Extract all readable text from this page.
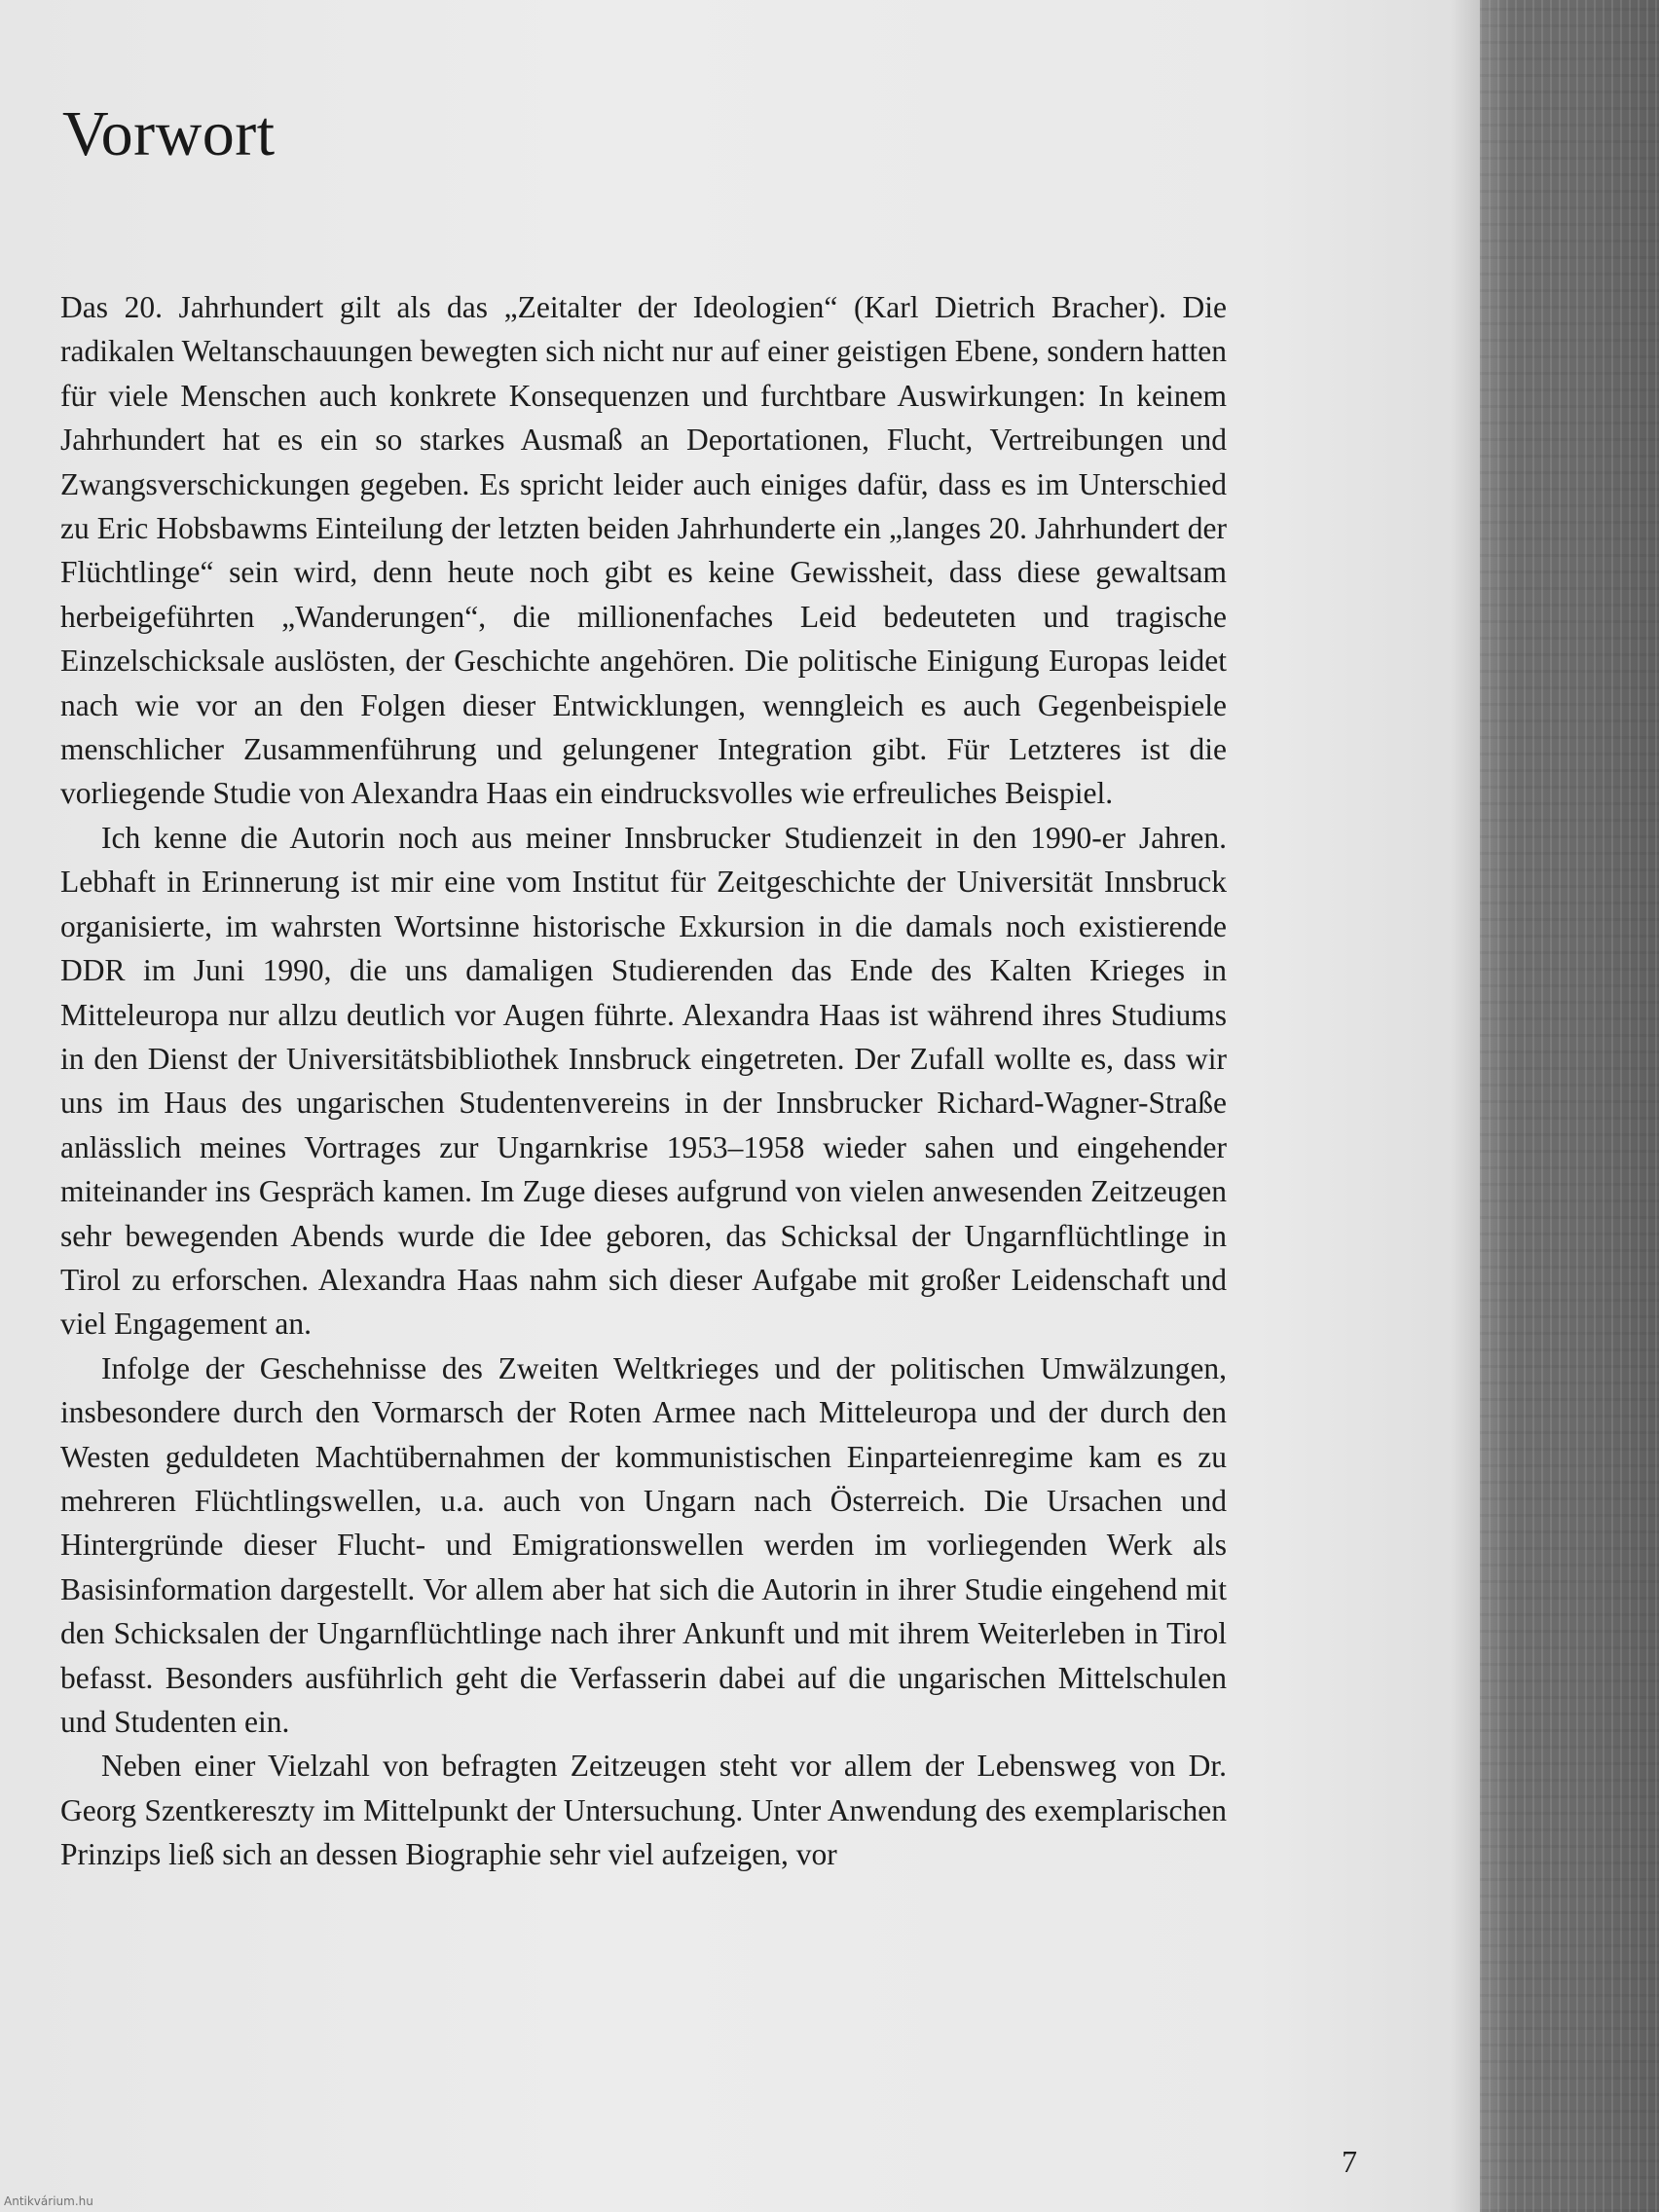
Vorwort

Das 20. Jahrhundert gilt als das „Zeitalter der Ideologien“ (Karl Dietrich Bracher). Die radikalen Weltanschauungen bewegten sich nicht nur auf einer geistigen Ebene, sondern hatten für viele Menschen auch konkrete Konsequenzen und furchtbare Auswirkungen: In keinem Jahrhundert hat es ein so starkes Ausmaß an Deportationen, Flucht, Vertreibungen und Zwangsverschickungen gegeben. Es spricht leider auch einiges dafür, dass es im Unterschied zu Eric Hobsbawms Einteilung der letzten beiden Jahrhunderte ein „langes 20. Jahrhundert der Flüchtlinge“ sein wird, denn heute noch gibt es keine Gewissheit, dass diese gewaltsam herbeigeführten „Wanderungen“, die millionenfaches Leid bedeuteten und tragische Einzelschicksale auslösten, der Geschichte angehören. Die politische Einigung Europas leidet nach wie vor an den Folgen dieser Entwicklungen, wenngleich es auch Gegenbeispiele menschlicher Zusammenführung und gelungener Integration gibt. Für Letzteres ist die vorliegende Studie von Alexandra Haas ein eindrucksvolles wie erfreuliches Beispiel.

Ich kenne die Autorin noch aus meiner Innsbrucker Studienzeit in den 1990-er Jahren. Lebhaft in Erinnerung ist mir eine vom Institut für Zeitgeschichte der Universität Innsbruck organisierte, im wahrsten Wortsinne historische Exkursion in die damals noch existierende DDR im Juni 1990, die uns damaligen Studierenden das Ende des Kalten Krieges in Mitteleuropa nur allzu deutlich vor Augen führte. Alexandra Haas ist während ihres Studiums in den Dienst der Universitätsbibliothek Innsbruck eingetreten. Der Zufall wollte es, dass wir uns im Haus des ungarischen Studentenvereins in der Innsbrucker Richard-Wagner-Straße anlässlich meines Vortrages zur Ungarnkrise 1953–1958 wieder sahen und eingehender miteinander ins Gespräch kamen. Im Zuge dieses aufgrund von vielen anwesenden Zeitzeugen sehr bewegenden Abends wurde die Idee geboren, das Schicksal der Ungarnflüchtlinge in Tirol zu erforschen. Alexandra Haas nahm sich dieser Aufgabe mit großer Leidenschaft und viel Engagement an.

Infolge der Geschehnisse des Zweiten Weltkrieges und der politischen Umwälzungen, insbesondere durch den Vormarsch der Roten Armee nach Mitteleuropa und der durch den Westen geduldeten Machtübernahmen der kommunistischen Einparteienregime kam es zu mehreren Flüchtlingswellen, u.a. auch von Ungarn nach Österreich. Die Ursachen und Hintergründe dieser Flucht- und Emigrationswellen werden im vorliegenden Werk als Basisinformation dargestellt. Vor allem aber hat sich die Autorin in ihrer Studie eingehend mit den Schicksalen der Ungarnflüchtlinge nach ihrer Ankunft und mit ihrem Weiterleben in Tirol befasst. Besonders ausführlich geht die Verfasserin dabei auf die ungarischen Mittelschulen und Studenten ein.

Neben einer Vielzahl von befragten Zeitzeugen steht vor allem der Lebensweg von Dr. Georg Szentkereszty im Mittelpunkt der Untersuchung. Unter Anwendung des exemplarischen Prinzips ließ sich an dessen Biographie sehr viel aufzeigen, vor

7
Antikvárium.hu
